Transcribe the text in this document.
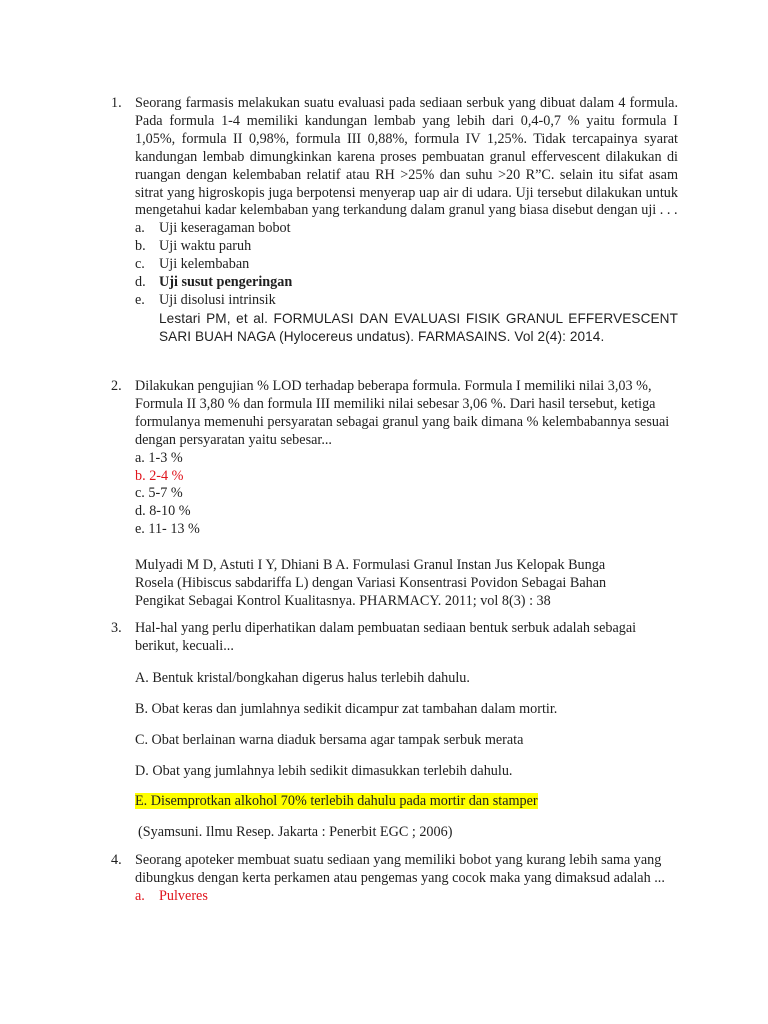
1. Seorang farmasis melakukan suatu evaluasi pada sediaan serbuk yang dibuat dalam 4 formula. Pada formula 1-4 memiliki kandungan lembab yang lebih dari 0,4-0,7 % yaitu formula I 1,05%, formula II 0,98%, formula III 0,88%, formula IV 1,25%. Tidak tercapainya syarat kandungan lembab dimungkinkan karena proses pembuatan granul effervescent dilakukan di ruangan dengan kelembaban relatif atau RH >25% dan suhu >20 R”C. selain itu sifat asam sitrat yang higroskopis juga berpotensi menyerap uap air di udara. Uji tersebut dilakukan untuk mengetahui kadar kelembaban yang terkandung dalam granul yang biasa disebut dengan uji . . .
a. Uji keseragaman bobot
b. Uji waktu paruh
c. Uji kelembaban
d. Uji susut pengeringan
e. Uji disolusi intrinsik
Lestari PM, et al. FORMULASI DAN EVALUASI FISIK GRANUL EFFERVESCENT SARI BUAH NAGA (Hylocereus undatus). FARMASAINS. Vol 2(4): 2014.
2. Dilakukan pengujian % LOD terhadap beberapa formula. Formula I memiliki nilai 3,03 %, Formula II 3,80 % dan formula III memiliki nilai sebesar 3,06 %. Dari hasil tersebut, ketiga formulanya memenuhi persyaratan sebagai granul yang baik dimana % kelembabannya sesuai dengan persyaratan yaitu sebesar...
a. 1-3 %
b. 2-4 %
c. 5-7 %
d. 8-10 %
e. 11- 13 %
Mulyadi M D, Astuti I Y, Dhiani B A. Formulasi Granul Instan Jus Kelopak Bunga
Rosela (Hibiscus sabdariffa L) dengan Variasi Konsentrasi Povidon Sebagai Bahan
Pengikat Sebagai Kontrol Kualitasnya. PHARMACY. 2011; vol 8(3) : 38
3. Hal-hal yang perlu diperhatikan dalam pembuatan sediaan bentuk serbuk adalah sebagai berikut, kecuali...

A. Bentuk kristal/bongkahan digerus halus terlebih dahulu.

B. Obat keras dan jumlahnya sedikit dicampur zat tambahan dalam mortir.

C. Obat berlainan warna diaduk bersama agar tampak serbuk merata

D. Obat yang jumlahnya lebih sedikit dimasukkan terlebih dahulu.

E. Disemprotkan alkohol 70% terlebih dahulu pada mortir dan stamper

(Syamsuni. Ilmu Resep. Jakarta : Penerbit EGC ; 2006)

4. Seorang apoteker membuat suatu sediaan yang memiliki bobot yang kurang lebih sama yang dibungkus dengan kerta perkamen atau pengemas yang cocok maka yang dimaksud adalah ...
a. Pulveres
